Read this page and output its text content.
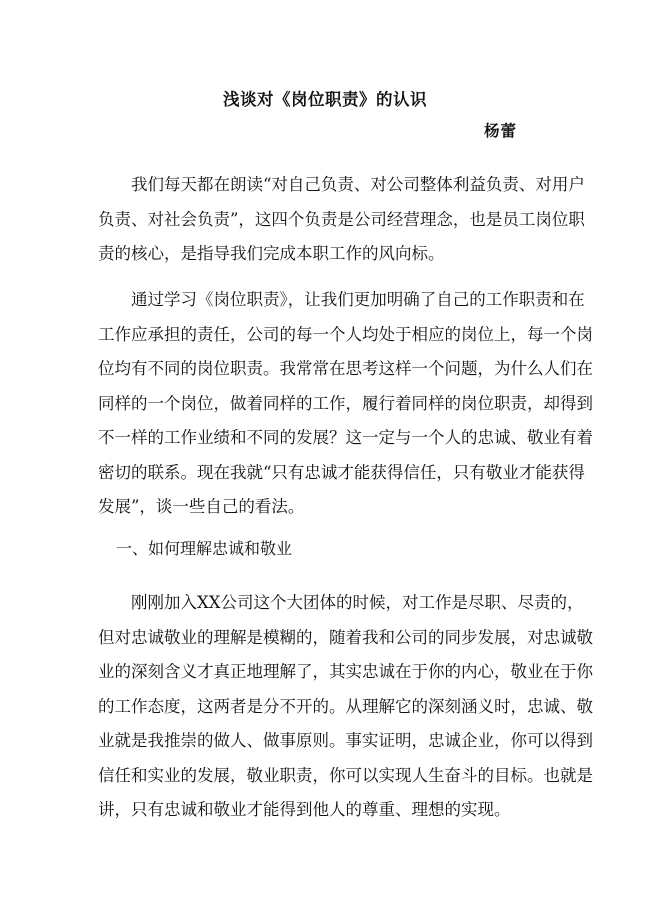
浅谈对《岗位职责》的认识
杨蕾
　　我们每天都在朗读“对自己负责、对公司整体利益负责、对用户
负责、对社会负责”，这四个负责是公司经营理念，也是员工岗位职
责的核心，是指导我们完成本职工作的风向标。
　　通过学习《岗位职责》，让我们更加明确了自己的工作职责和在
工作应承担的责任，公司的每一个人均处于相应的岗位上，每一个岗
位均有不同的岗位职责。我常常在思考这样一个问题，为什么人们在
同样的一个岗位，做着同样的工作，履行着同样的岗位职责，却得到
不一样的工作业绩和不同的发展？这一定与一个人的忠诚、敬业有着
密切的联系。现在我就“只有忠诚才能获得信任，只有敬业才能获得
发展”，谈一些自己的看法。
一、如何理解忠诚和敬业
　　刚刚加入XX公司这个大团体的时候，对工作是尽职、尽责的，
但对忠诚敬业的理解是模糊的，随着我和公司的同步发展，对忠诚敬
业的深刻含义才真正地理解了，其实忠诚在于你的内心，敬业在于你
的工作态度，这两者是分不开的。从理解它的深刻涵义时，忠诚、敬
业就是我推崇的做人、做事原则。事实证明，忠诚企业，你可以得到
信任和实业的发展，敬业职责，你可以实现人生奋斗的目标。也就是
讲，只有忠诚和敬业才能得到他人的尊重、理想的实现。
